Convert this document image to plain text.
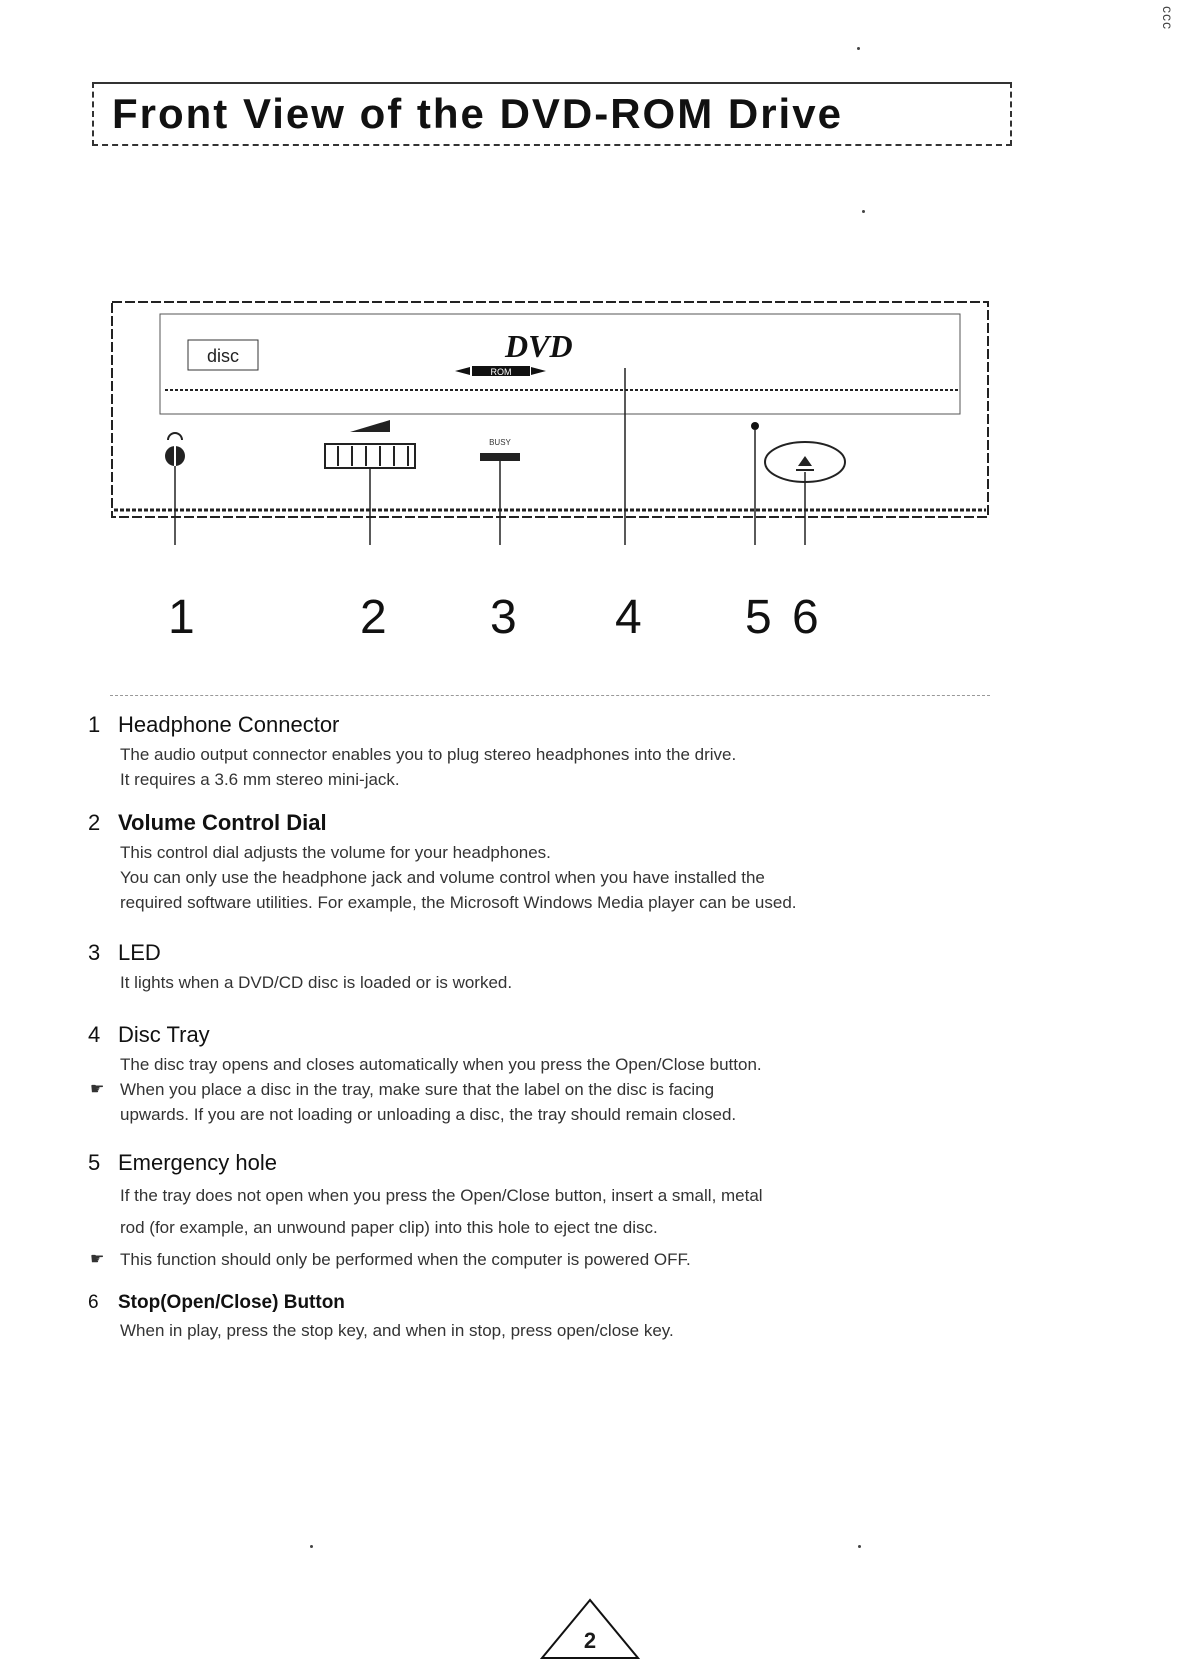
ccc
Front View of the DVD-ROM Drive
disc	DVD
ROM
BUSY
1	2 3 4 5 6
1 Headphone Connector

The audio output connector enables you to plug stereo headphones into the drive.

It requires a 3.6 mm stereo mini-jack.

2 Volume Control Dial

This control dial adjusts the volume for your headphones.

You can only use the headphone jack and volume control when you have installed the

required software utilities. For example, the Microsoft Windows Media player can be used.

3 LED

It lights when a DVD/CD disc is loaded or is worked.

4 Disc Tray

The disc tray opens and closes automatically when you press the Open/Close button.

☛ When you place a disc in the tray, make sure that the label on the disc is facing

upwards. If you are not loading or unloading a disc, the tray should remain closed.

5 Emergency hole

If the tray does not open when you press the Open/Close button, insert a small, metal

rod (for example, an unwound paper clip) into this hole to eject tne disc.

☛ This function should only be performed when the computer is powered OFF.

6	Stop(Open/Close) Button

When in play, press the stop key, and when in stop, press open/close key.

2
